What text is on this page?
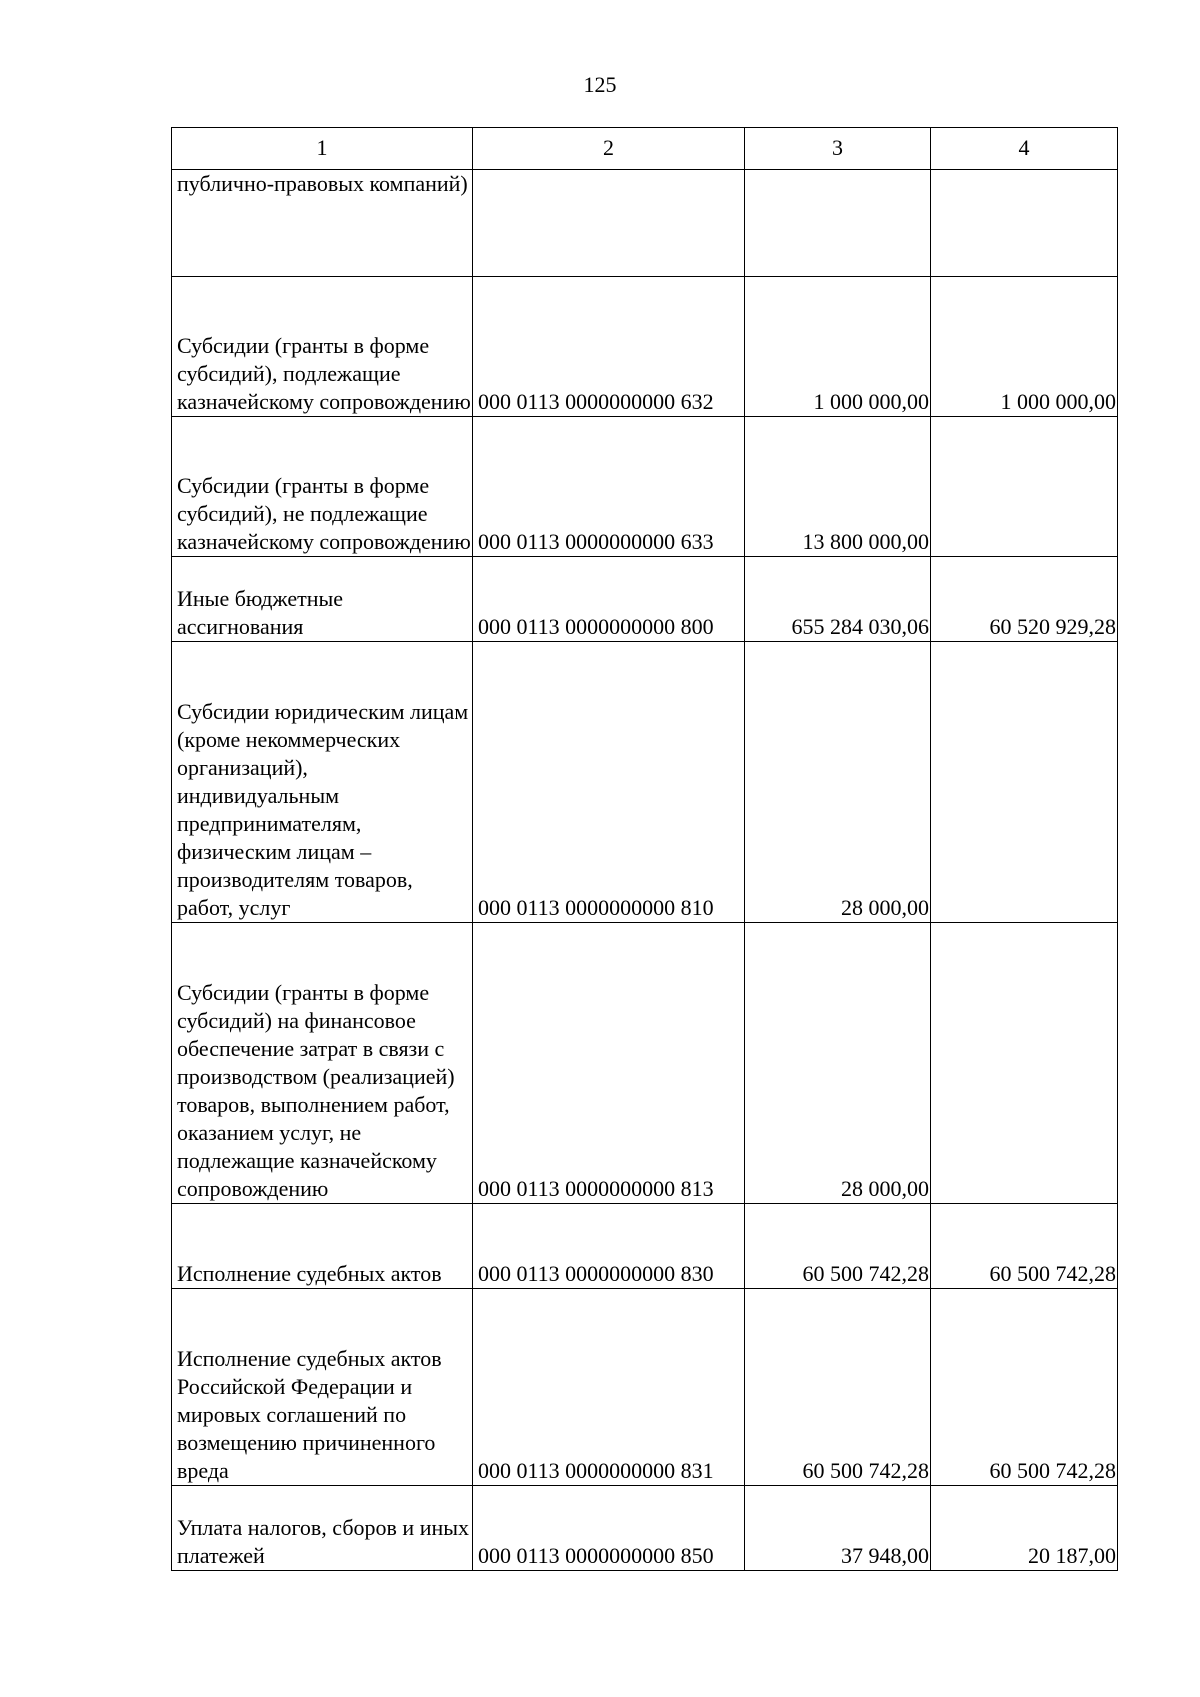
125
1	2	3	4
публично-правовых компаний)			
Субсидии (гранты в форме субсидий), подлежащие казначейскому сопровождению	000 0113 0000000000 632	1 000 000,00	1 000 000,00
Субсидии (гранты в форме субсидий), не подлежащие казначейскому сопровождению	000 0113 0000000000 633	13 800 000,00	
Иные бюджетные ассигнования	000 0113 0000000000 800	655 284 030,06	60 520 929,28
Субсидии юридическим лицам (кроме некоммерческих организаций), индивидуальным предпринимателям, физическим лицам – производителям товаров, работ, услуг	000 0113 0000000000 810	28 000,00	
Субсидии (гранты в форме субсидий) на финансовое обеспечение затрат в связи с производством (реализацией) товаров, выполнением работ, оказанием услуг, не подлежащие казначейскому сопровождению	000 0113 0000000000 813	28 000,00	
Исполнение судебных актов	000 0113 0000000000 830	60 500 742,28	60 500 742,28
Исполнение судебных актов Российской Федерации и мировых соглашений по возмещению причиненного вреда	000 0113 0000000000 831	60 500 742,28	60 500 742,28
Уплата налогов, сборов и иных платежей	000 0113 0000000000 850	37 948,00	20 187,00
